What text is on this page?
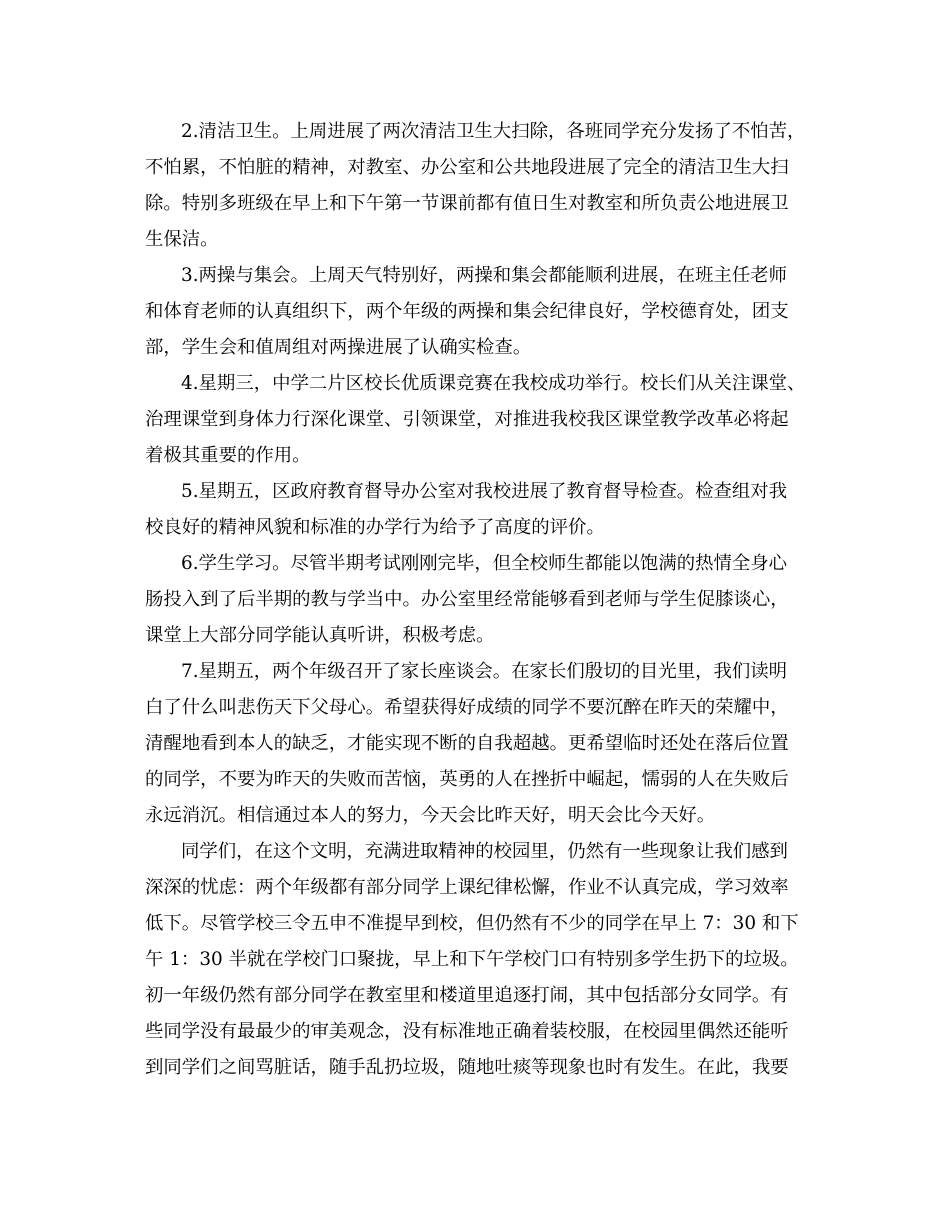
2.清洁卫生。上周进展了两次清洁卫生大扫除，各班同学充分发扬了不怕苦，
不怕累，不怕脏的精神，对教室、办公室和公共地段进展了完全的清洁卫生大扫
除。特别多班级在早上和下午第一节课前都有值日生对教室和所负责公地进展卫
生保洁。
3.两操与集会。上周天气特别好，两操和集会都能顺利进展，在班主任老师
和体育老师的认真组织下，两个年级的两操和集会纪律良好，学校德育处，团支
部，学生会和值周组对两操进展了认确实检查。
4.星期三，中学二片区校长优质课竞赛在我校成功举行。校长们从关注课堂、
治理课堂到身体力行深化课堂、引领课堂，对推进我校我区课堂教学改革必将起
着极其重要的作用。
5.星期五，区政府教育督导办公室对我校进展了教育督导检查。检查组对我
校良好的精神风貌和标准的办学行为给予了高度的评价。
6.学生学习。尽管半期考试刚刚完毕，但全校师生都能以饱满的热情全身心
肠投入到了后半期的教与学当中。办公室里经常能够看到老师与学生促膝谈心，
课堂上大部分同学能认真听讲，积极考虑。
7.星期五，两个年级召开了家长座谈会。在家长们殷切的目光里，我们读明
白了什么叫悲伤天下父母心。希望获得好成绩的同学不要沉醉在昨天的荣耀中，
清醒地看到本人的缺乏，才能实现不断的自我超越。更希望临时还处在落后位置
的同学，不要为昨天的失败而苦恼，英勇的人在挫折中崛起，懦弱的人在失败后
永远消沉。相信通过本人的努力，今天会比昨天好，明天会比今天好。
同学们，在这个文明，充满进取精神的校园里，仍然有一些现象让我们感到
深深的忧虑：两个年级都有部分同学上课纪律松懈，作业不认真完成，学习效率
低下。尽管学校三令五申不准提早到校，但仍然有不少的同学在早上 7：30 和下
午 1：30 半就在学校门口聚拢，早上和下午学校门口有特别多学生扔下的垃圾。
初一年级仍然有部分同学在教室里和楼道里追逐打闹，其中包括部分女同学。有
些同学没有最最少的审美观念，没有标准地正确着装校服，在校园里偶然还能听
到同学们之间骂脏话，随手乱扔垃圾，随地吐痰等现象也时有发生。在此，我要
